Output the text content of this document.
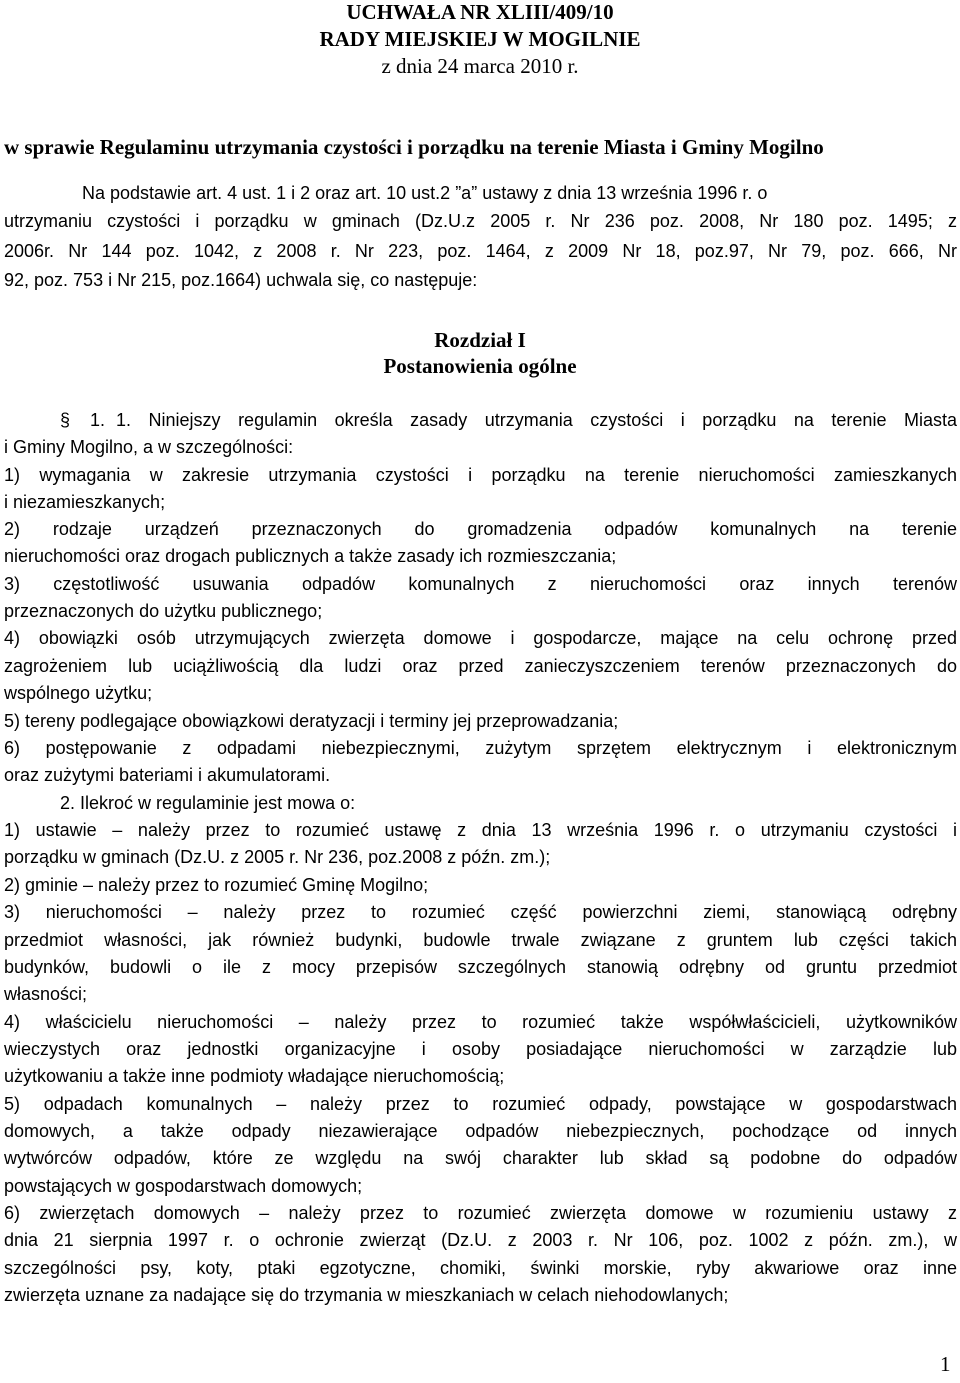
UCHWAŁA NR XLIII/409/10
RADY MIEJSKIEJ W MOGILNIE
z dnia 24 marca 2010 r.
w sprawie Regulaminu utrzymania czystości i porządku na terenie Miasta i Gminy Mogilno
Na podstawie art. 4 ust. 1 i 2 oraz art. 10 ust.2 ”a” ustawy z dnia 13 września 1996 r. o
utrzymaniu czystości i porządku w gminach (Dz.U.z 2005 r. Nr 236 poz. 2008, Nr 180 poz. 1495; z
2006r. Nr 144 poz. 1042, z 2008 r. Nr 223, poz. 1464, z 2009 Nr 18, poz.97, Nr 79, poz. 666, Nr
92, poz. 753 i Nr 215, poz.1664) uchwala się, co następuje:
Rozdział I
Postanowienia ogólne
§ 1. 1. Niniejszy regulamin określa zasady utrzymania czystości i porządku na terenie Miasta
i Gminy Mogilno, a w szczególności:
1) wymagania w zakresie utrzymania czystości i porządku na terenie nieruchomości zamieszkanych
i niezamieszkanych;
2) rodzaje urządzeń przeznaczonych do gromadzenia odpadów komunalnych na terenie
nieruchomości oraz drogach publicznych a także zasady ich rozmieszczania;
3) częstotliwość usuwania odpadów komunalnych z nieruchomości oraz innych terenów
przeznaczonych do użytku publicznego;
4) obowiązki osób utrzymujących zwierzęta domowe i gospodarcze, mające na celu ochronę przed
zagrożeniem lub uciążliwością dla ludzi oraz przed zanieczyszczeniem terenów przeznaczonych do
wspólnego użytku;
5) tereny podlegające obowiązkowi deratyzacji i terminy jej przeprowadzania;
6) postępowanie z odpadami niebezpiecznymi, zużytym sprzętem elektrycznym i elektronicznym
oraz zużytymi bateriami i akumulatorami.
2. Ilekroć w regulaminie jest mowa o:
1) ustawie – należy przez to rozumieć ustawę z dnia 13 września 1996 r. o utrzymaniu czystości i
porządku w gminach (Dz.U. z 2005 r. Nr 236, poz.2008 z późn. zm.);
2) gminie – należy przez to rozumieć Gminę Mogilno;
3) nieruchomości – należy przez to rozumieć część powierzchni ziemi, stanowiącą odrębny
przedmiot własności, jak również budynki, budowle trwale związane z gruntem lub części takich
budynków, budowli o ile z mocy przepisów szczególnych stanowią odrębny od gruntu przedmiot
własności;
4) właścicielu nieruchomości – należy przez to rozumieć także współwłaścicieli, użytkowników
wieczystych oraz jednostki organizacyjne i osoby posiadające nieruchomości w zarządzie lub
użytkowaniu a także inne podmioty władające nieruchomością;
5) odpadach komunalnych – należy przez to rozumieć odpady, powstające w gospodarstwach
domowych, a także odpady niezawierające odpadów niebezpiecznych, pochodzące od innych
wytwórców odpadów, które ze względu na swój charakter lub skład są podobne do odpadów
powstających w gospodarstwach domowych;
6) zwierzętach domowych – należy przez to rozumieć zwierzęta domowe w rozumieniu ustawy z
dnia 21 sierpnia 1997 r. o ochronie zwierząt (Dz.U. z 2003 r. Nr 106, poz. 1002 z późn. zm.), w
szczególności psy, koty, ptaki egzotyczne, chomiki, świnki morskie, ryby akwariowe oraz inne
zwierzęta uznane za nadające się do trzymania w mieszkaniach w celach niehodowlanych;
1
